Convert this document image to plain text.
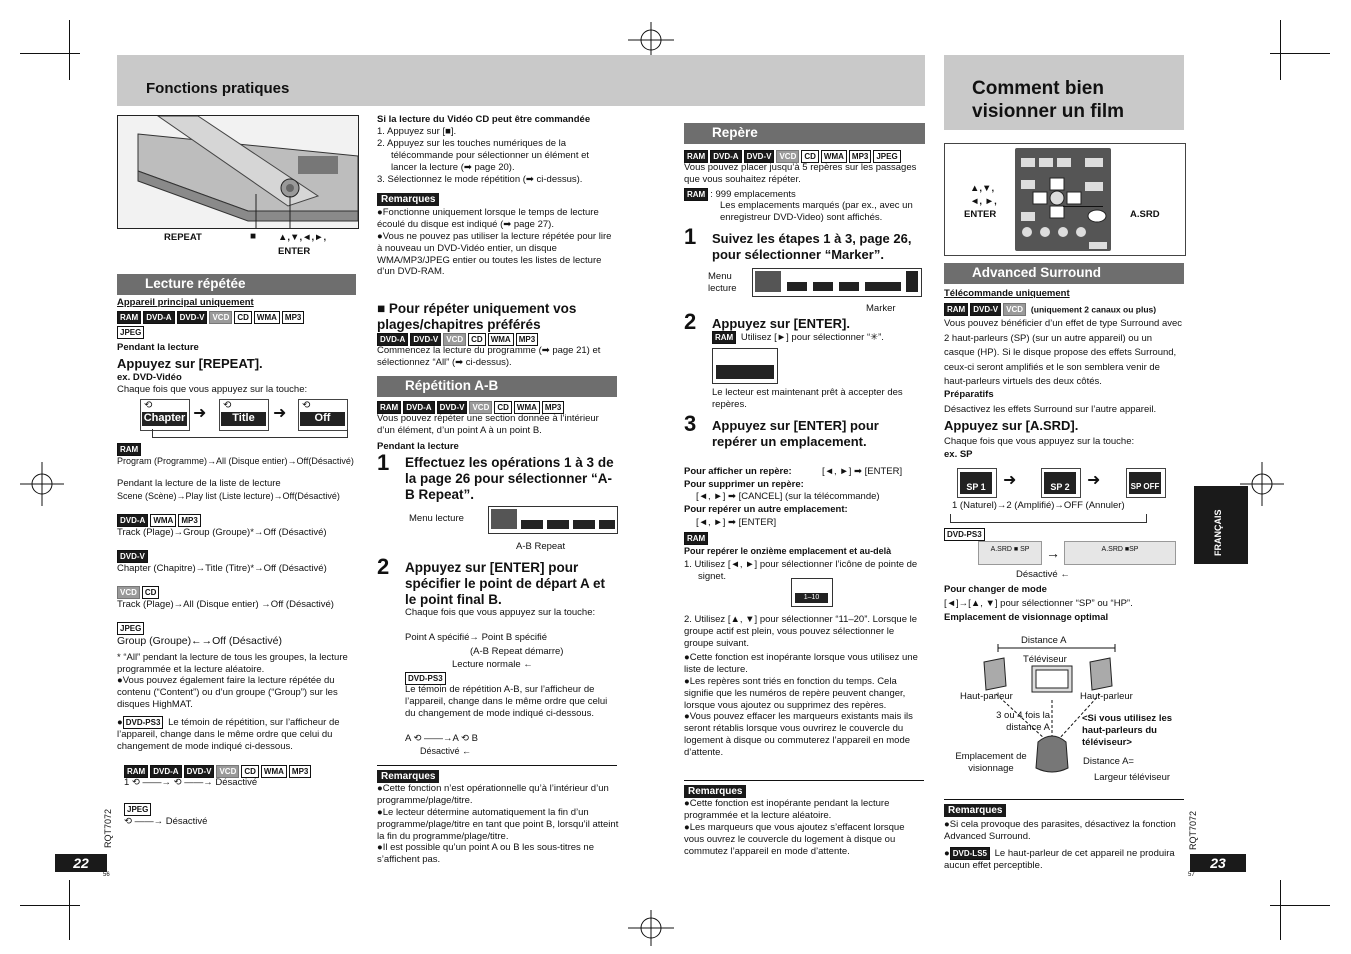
Fonctions pratiques
REPEAT	■ ▲,▼,◄,►,
ENTER
Lecture répétée
Appareil principal uniquement
RAM DVD-A DVD-V VCD CD WMA MP3
JPEG
Pendant la lecture
Appuyez sur [REPEAT].
ex. DVD-Vidéo
Chaque fois que vous appuyez sur la touche:
Chapter
⟲	➜	Title
⟲	➜	Off
⟲
RAM
Program (Programme)→All (Disque entier)→Off(Désactivé)
Pendant la lecture de la liste de lecture
Scene (Scène)→Play list (Liste lecture)→Off(Désactivé)
DVD-A WMA MP3
Track (Plage)→Group (Groupe)*→Off (Désactivé)
DVD-V
Chapter (Chapitre)→Title (Titre)*→Off (Désactivé)
VCD CD
Track (Plage)→All (Disque entier) →Off (Désactivé)
JPEG
Group (Groupe)←→Off (Désactivé)
* “All” pendant la lecture de tous les groupes, la lecture programmée et la lecture aléatoire.
●Vous pouvez également faire la lecture répétée du contenu (“Content”) ou d’un groupe (“Group”) sur les disques HighMAT.
● DVD-PS3 Le témoin de répétition, sur l’afficheur de l’appareil, change dans le même ordre que celui du changement de mode indiqué ci-dessous.
RAM DVD-A DVD-V VCD CD WMA MP3
1 ⟲ ——→ ⟲ ——→ Désactivé
JPEG
⟲ ——→ Désactivé
RQT7072
22
56
Si la lecture du Vidéo CD peut être commandée
1. Appuyez sur [■].
2. Appuyez sur les touches numériques de la télécommande pour sélectionner un élément et lancer la lecture (➡ page 20).
3. Sélectionnez le mode répétition (➡ ci-dessus).
Remarques
●Fonctionne uniquement lorsque le temps de lecture écoulé du disque est indiqué (➡ page 27).
●Vous ne pouvez pas utiliser la lecture répétée pour lire à nouveau un DVD-Vidéo entier, un disque WMA/MP3/JPEG entier ou toutes les listes de lecture d’un DVD-RAM.
■ Pour répéter uniquement vos plages/chapitres préférés
DVD-A DVD-V VCD CD WMA MP3
Commencez la lecture du programme (➡ page 21) et sélectionnez “All” (➡ ci-dessus).
Répétition A-B
RAM DVD-A DVD-V VCD CD WMA MP3
Vous pouvez répéter une section donnée à l’intérieur d’un élément, d’un point A à un point B.
Pendant la lecture
1 Effectuez les opérations 1 à 3 de la page 26 pour sélectionner “A-B Repeat”.
Menu lecture
A-B Repeat
2 Appuyez sur [ENTER] pour spécifier le point de départ A et le point final B.
Chaque fois que vous appuyez sur la touche:
Point A spécifié→ Point B spécifié
(A-B Repeat démarre)
Lecture normale ←
DVD-PS3
Le témoin de répétition A-B, sur l’afficheur de l’appareil, change dans le même ordre que celui du changement de mode indiqué ci-dessous.
A ⟲ ——→A ⟲ B
Désactivé ←
Remarques
●Cette fonction n’est opérationnelle qu’à l’intérieur d’un programme/plage/titre.
●Le lecteur détermine automatiquement la fin d’un programme/plage/titre en tant que point B, lorsqu’il atteint la fin du programme/plage/titre.
●Il est possible qu’un point A ou B les sous-titres ne s’affichent pas.
Repère
RAM DVD-A DVD-V VCD CD WMA MP3 JPEG
Vous pouvez placer jusqu’à 5 repères sur les passages que vous souhaitez répéter.
RAM : 999 emplacements
Les emplacements marqués (par ex., avec un enregistreur DVD-Video) sont affichés.
1 Suivez les étapes 1 à 3, page 26, pour sélectionner “Marker”.
Menu lecture
Marker
2 Appuyez sur [ENTER].
RAM Utilisez [►] pour sélectionner “✳”.
Le lecteur est maintenant prêt à accepter des repères.
3 Appuyez sur [ENTER] pour repérer un emplacement.
Pour afficher un repère:	[◄, ►] ➡ [ENTER]
Pour supprimer un repère:
[◄, ►] ➡ [CANCEL] (sur la télécommande)
Pour repérer un autre emplacement:
[◄, ►] ➡ [ENTER]
RAM
Pour repérer le onzième emplacement et au-delà
1. Utilisez [◄, ►] pour sélectionner l’icône de pointe de signet.
1–10
2. Utilisez [▲, ▼] pour sélectionner “11–20”. Lorsque le groupe actif est plein, vous pouvez sélectionner le groupe suivant.
●Cette fonction est inopérante lorsque vous utilisez une liste de lecture.
●Les repères sont triés en fonction du temps. Cela signifie que les numéros de repère peuvent changer, lorsque vous ajoutez ou supprimez des repères.
●Vous pouvez effacer les marqueurs existants mais ils seront rétablis lorsque vous ouvrirez le couvercle du logement à disque ou commuterez l’appareil en mode d’attente.
Remarques
●Cette fonction est inopérante pendant la lecture programmée et la lecture aléatoire.
●Les marqueurs que vous ajoutez s’effacent lorsque vous ouvrez le couvercle du logement à disque ou commutez l’appareil en mode d’attente.
Comment bien
visionner un film
▲,▼,
◄, ►,
ENTER	A.SRD
Advanced Surround
Télécommande uniquement
RAM DVD-V VCD (uniquement 2 canaux ou plus)
Vous pouvez bénéficier d’un effet de type Surround avec 2 haut-parleurs (SP) (sur un autre appareil) ou un casque (HP). Si le disque propose des effets Surround, ceux-ci seront amplifiés et le son semblera venir de haut-parleurs virtuels des deux côtés.
Préparatifs
Désactivez les effets Surround sur l’autre appareil.
Appuyez sur [A.SRD].
Chaque fois que vous appuyez sur la touche:
ex. SP
SP 1	➜	SP 2	➜	SP OFF
1 (Naturel)→2 (Amplifié)→OFF (Annuler)
DVD-PS3
A.SRD ■ SP	→	A.SRD ■SP
Désactivé ←
Pour changer de mode
[◄]→[▲, ▼] pour sélectionner “SP” ou “HP”.
Emplacement de visionnage optimal
Distance A
Téléviseur
Haut-parleur	Haut-parleur
3 ou 4 fois la distance A
<Si vous utilisez les haut-parleurs du téléviseur>
Emplacement de visionnage
Distance A=
Largeur téléviseur
Remarques
●Si cela provoque des parasites, désactivez la fonction Advanced Surround.
● DVD-LS5 Le haut-parleur de cet appareil ne produira aucun effet perceptible.
FRANÇAIS
RQT7072
23
57
